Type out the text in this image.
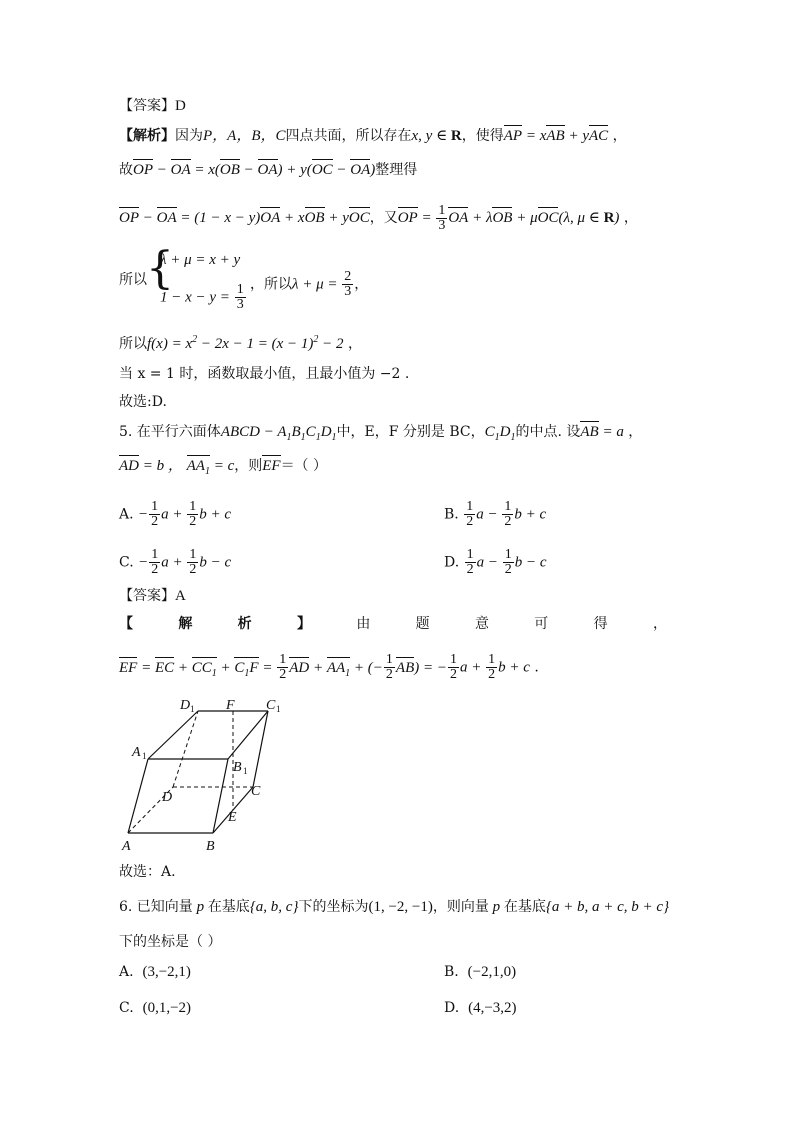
【答案】D
【解析】因为P，A，B，C四点共面，所以存在x, y ∈ R，使得AP = xAB + yAC ，
故OP − OA = x(OB − OA) + y(OC − OA)整理得
OP − OA = (1 − x − y)OA + xOB + yOC，又OP = $\frac{1}{3}$ OA + λOB + μOC(λ, μ ∈ R) ，
所以 {
λ + μ = x + y
$1 - x - y = \frac{1}{3}$ ，所以$\lambda + \mu = \frac{2}{3}$ ，
所以$f(x) = x^2 - 2x - 1 = (x - 1)^2 - 2$ ，
当 x = 1 时，函数取最小值，且最小值为 −2 .
故选:D.
5. 在平行六面体ABCD − $A_1B_1C_1D_1$中，E，F 分别是 BC，$C_1D_1$的中点. 设AB = a ，
AD = b ， $AA_1 = c$，则EF＝（ ）
A. − $\frac{1}{2}$ $a + \frac{1}{2}$ b + c	B. $\frac{1}{2}$ $a - \frac{1}{2}$ b + c
C. − $\frac{1}{2}$ $a + \frac{1}{2}$ b − c	D. $\frac{1}{2}$ $a - \frac{1}{2}$ b − c
【答案】A
【	解	析	】	由	题	意	可	得	，
EF = EC + $CC_1 + C_1F = \frac{1}{2}$ AD + $AA_1$ + (− $\frac{1}{2} AB$) = − $\frac{1}{2}$ $a + \frac{1}{2}$ b + c .
D 1 F C 1
A 1
B 1
D	C
E
A	B
故选：A.
6. 已知向量 p 在基底{a, b, c}下的坐标为(1, −2, −1)，则向量 p 在基底{a + b, a + c, b + c}
下的坐标是（ ）
A. (3,−2,1)	B. (−2,1,0)
C. (0,1,−2)	D. (4,−3,2)
